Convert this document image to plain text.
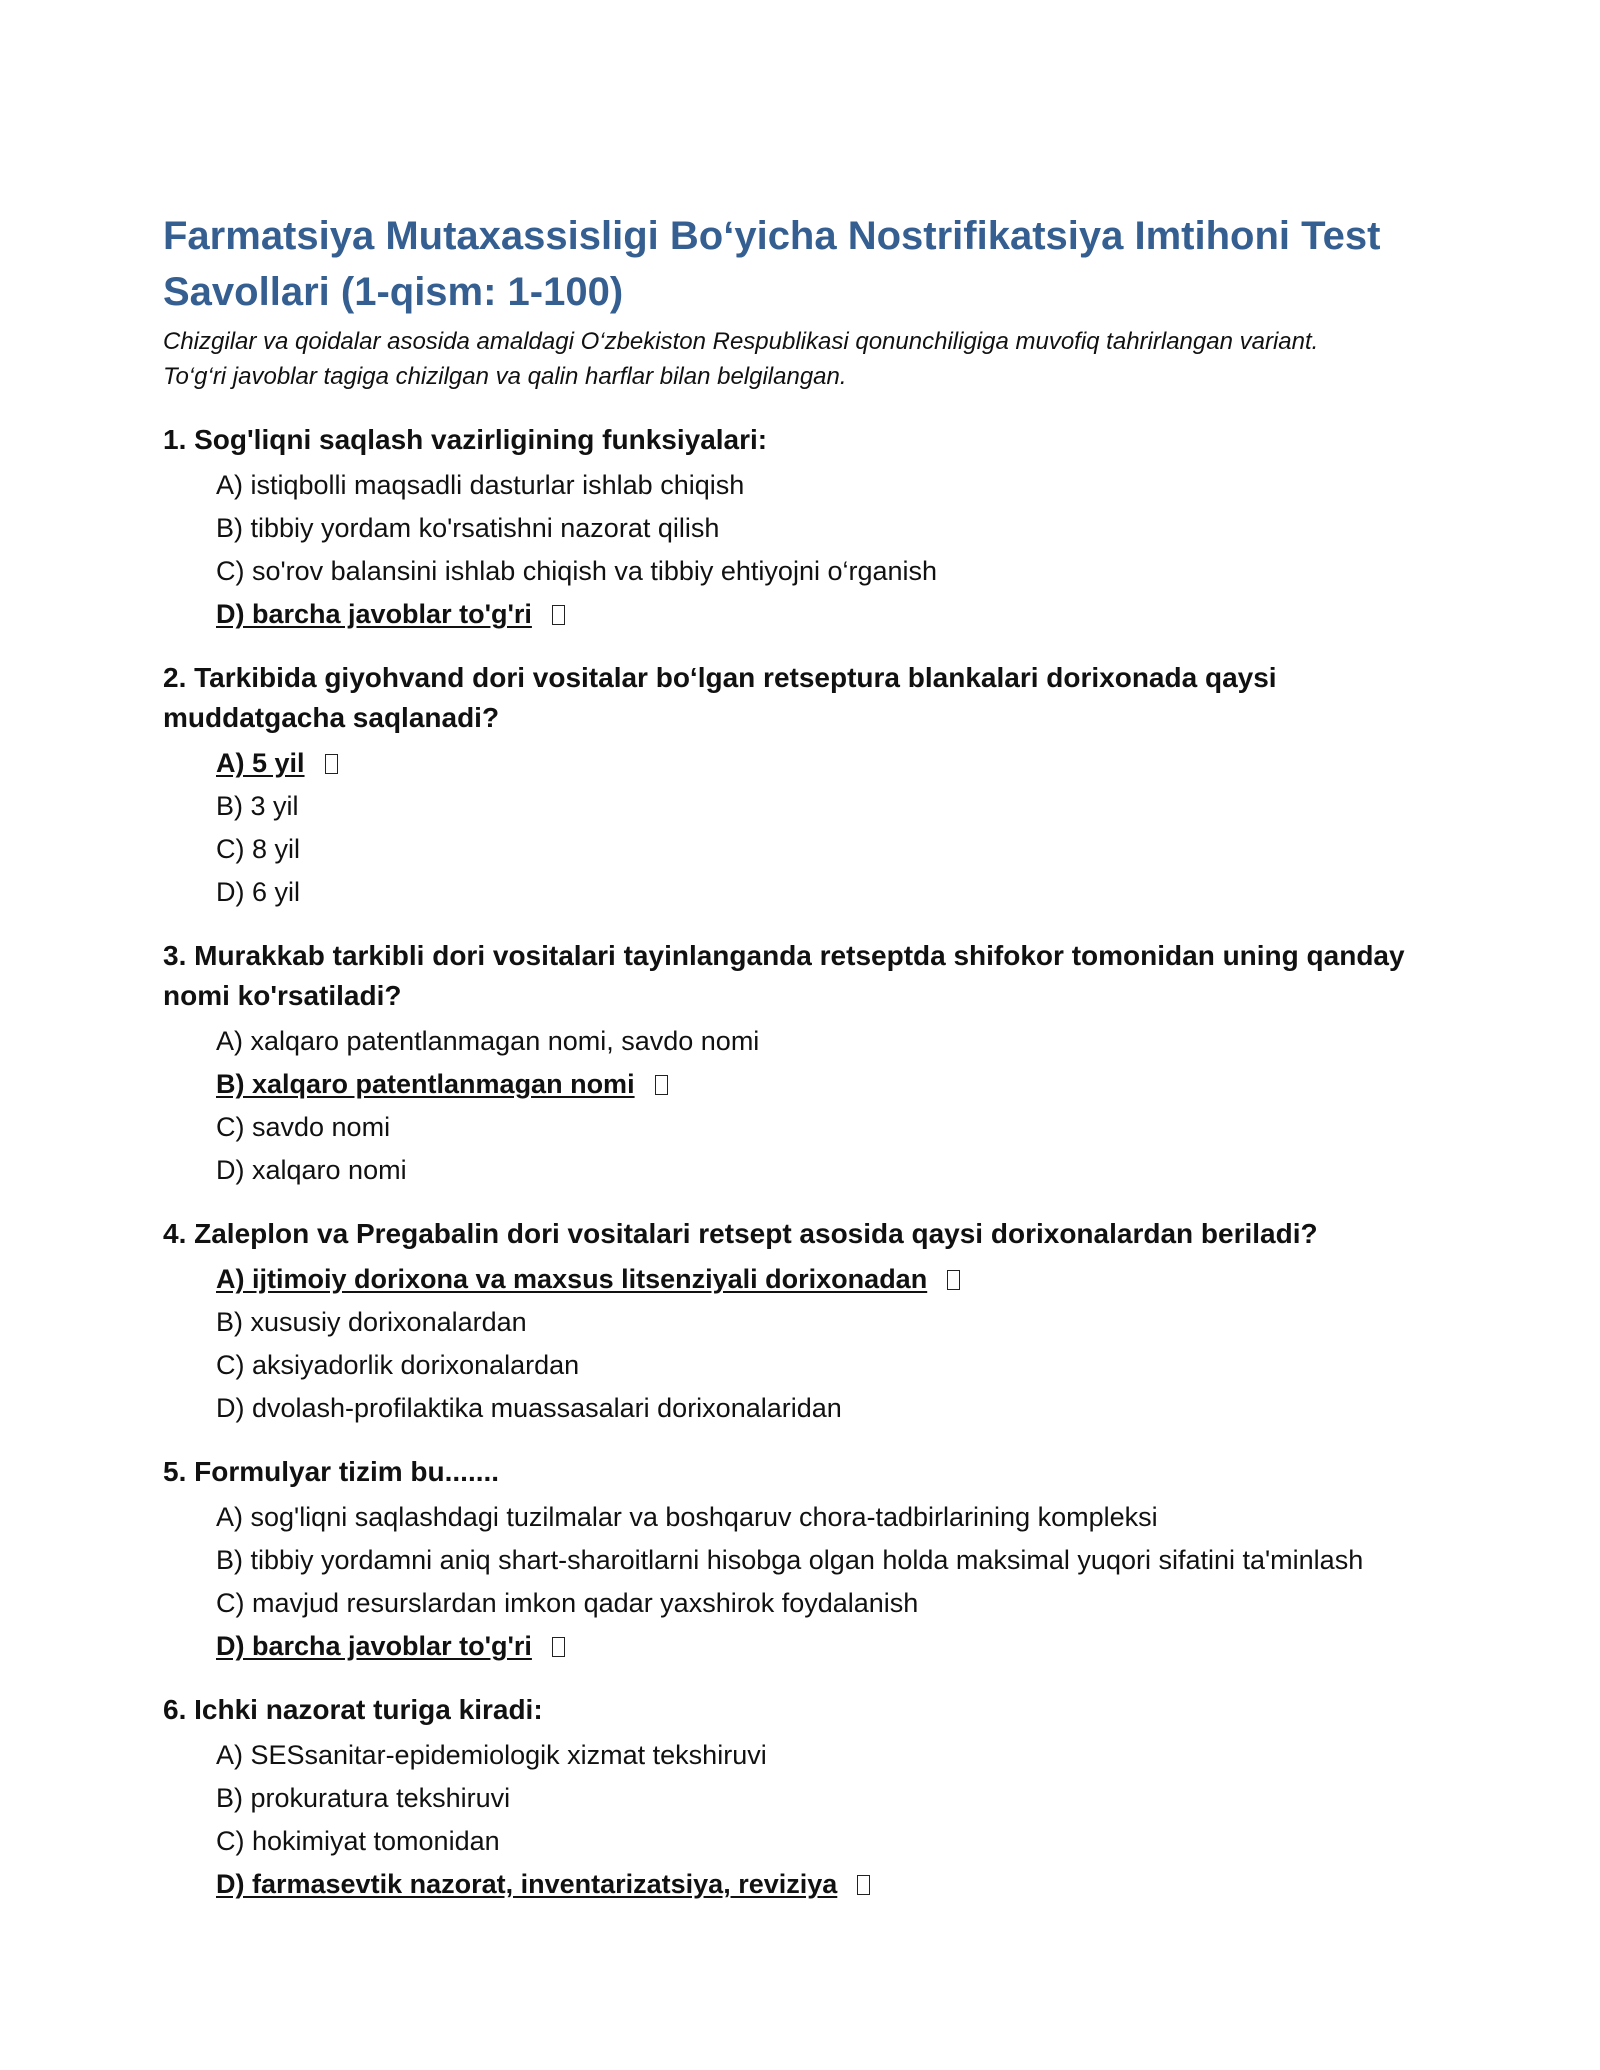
Farmatsiya Mutaxassisligi Bo‘yicha Nostrifikatsiya Imtihoni Test Savollari (1-qism: 1-100)
Chizgilar va qoidalar asosida amaldagi O‘zbekiston Respublikasi qonunchiligiga muvofiq tahrirlangan variant.
To‘g‘ri javoblar tagiga chizilgan va qalin harflar bilan belgilangan.
1. Sog'liqni saqlash vazirligining funksiyalari:
A) istiqbolli maqsadli dasturlar ishlab chiqish
B) tibbiy yordam ko'rsatishni nazorat qilish
C) so'rov balansini ishlab chiqish va tibbiy ehtiyojni o‘rganish
D) barcha javoblar to'g'ri
2. Tarkibida giyohvand dori vositalar bo‘lgan retseptura blankalari dorixonada qaysi muddatgacha saqlanadi?
A) 5 yil
B) 3 yil
C) 8 yil
D) 6 yil
3. Murakkab tarkibli dori vositalari tayinlanganda retseptda shifokor tomonidan uning qanday nomi ko'rsatiladi?
A) xalqaro patentlanmagan nomi, savdo nomi
B) xalqaro patentlanmagan nomi
C) savdo nomi
D) xalqaro nomi
4. Zaleplon va Pregabalin dori vositalari retsept asosida qaysi dorixonalardan beriladi?
A) ijtimoiy dorixona va maxsus litsenziyali dorixonadan
B) xususiy dorixonalardan
C) aksiyadorlik dorixonalardan
D) dvolash-profilaktika muassasalari dorixonalaridan
5. Formulyar tizim bu.......
A) sog'liqni saqlashdagi tuzilmalar va boshqaruv chora-tadbirlarining kompleksi
B) tibbiy yordamni aniq shart-sharoitlarni hisobga olgan holda maksimal yuqori sifatini ta'minlash
C) mavjud resurslardan imkon qadar yaxshirok foydalanish
D) barcha javoblar to'g'ri
6. Ichki nazorat turiga kiradi:
A) SESsanitar-epidemiologik xizmat tekshiruvi
B) prokuratura tekshiruvi
C) hokimiyat tomonidan
D) farmasevtik nazorat, inventarizatsiya, reviziya
